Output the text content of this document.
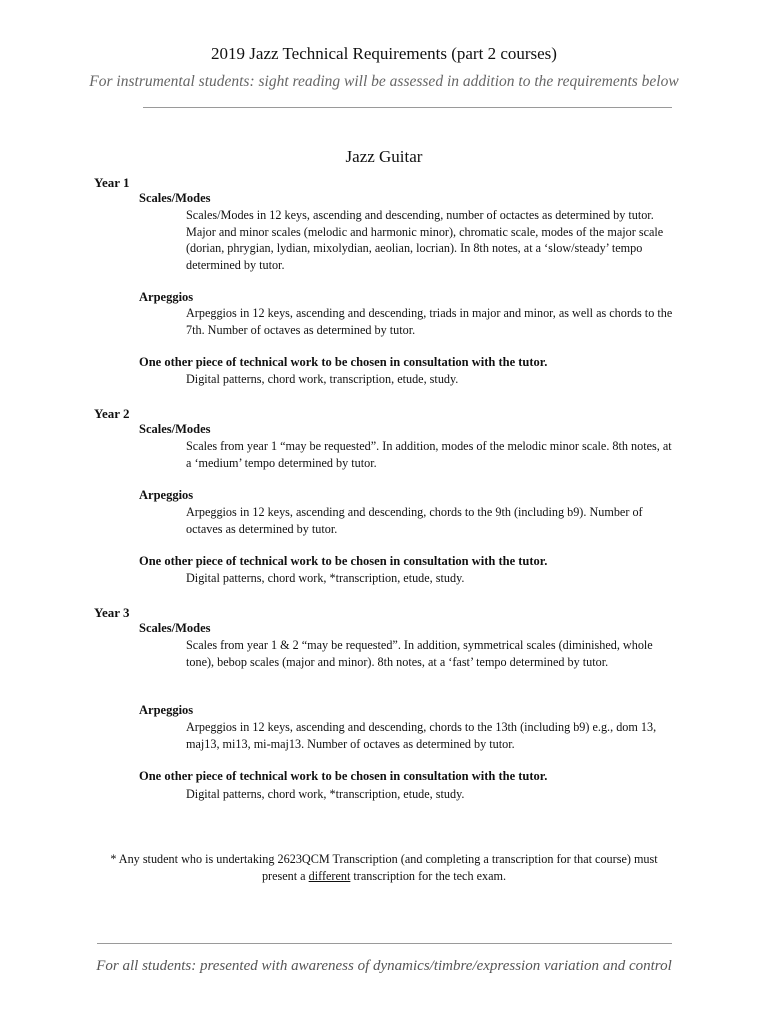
2019 Jazz Technical Requirements (part 2 courses)
For instrumental students: sight reading will be assessed in addition to the requirements below
Jazz Guitar
Year 1
Scales/Modes
Scales/Modes in 12 keys, ascending and descending, number of octactes as determined by tutor. Major and minor scales (melodic and harmonic minor), chromatic scale, modes of the major scale (dorian, phrygian, lydian, mixolydian, aeolian, locrian). In 8th notes, at a ‘slow/steady’ tempo determined by tutor.
Arpeggios
Arpeggios in 12 keys, ascending and descending, triads in major and minor, as well as chords to the 7th. Number of octaves as determined by tutor.
One other piece of technical work to be chosen in consultation with the tutor.
Digital patterns, chord work, transcription, etude, study.
Year 2
Scales/Modes
Scales from year 1 “may be requested”. In addition, modes of the melodic minor scale. 8th notes, at a ‘medium’ tempo determined by tutor.
Arpeggios
Arpeggios in 12 keys, ascending and descending, chords to the 9th (including b9). Number of octaves as determined by tutor.
One other piece of technical work to be chosen in consultation with the tutor.
Digital patterns, chord work, *transcription, etude, study.
Year 3
Scales/Modes
Scales from year 1 & 2 “may be requested”. In addition, symmetrical scales (diminished, whole tone), bebop scales (major and minor). 8th notes, at a ‘fast’ tempo determined by tutor.
Arpeggios
Arpeggios in 12 keys, ascending and descending, chords to the 13th (including b9) e.g., dom 13, maj13, mi13, mi-maj13. Number of octaves as determined by tutor.
One other piece of technical work to be chosen in consultation with the tutor.
Digital patterns, chord work, *transcription, etude, study.
* Any student who is undertaking 2623QCM Transcription (and completing a transcription for that course) must present a different transcription for the tech exam.
For all students: presented with awareness of dynamics/timbre/expression variation and control
